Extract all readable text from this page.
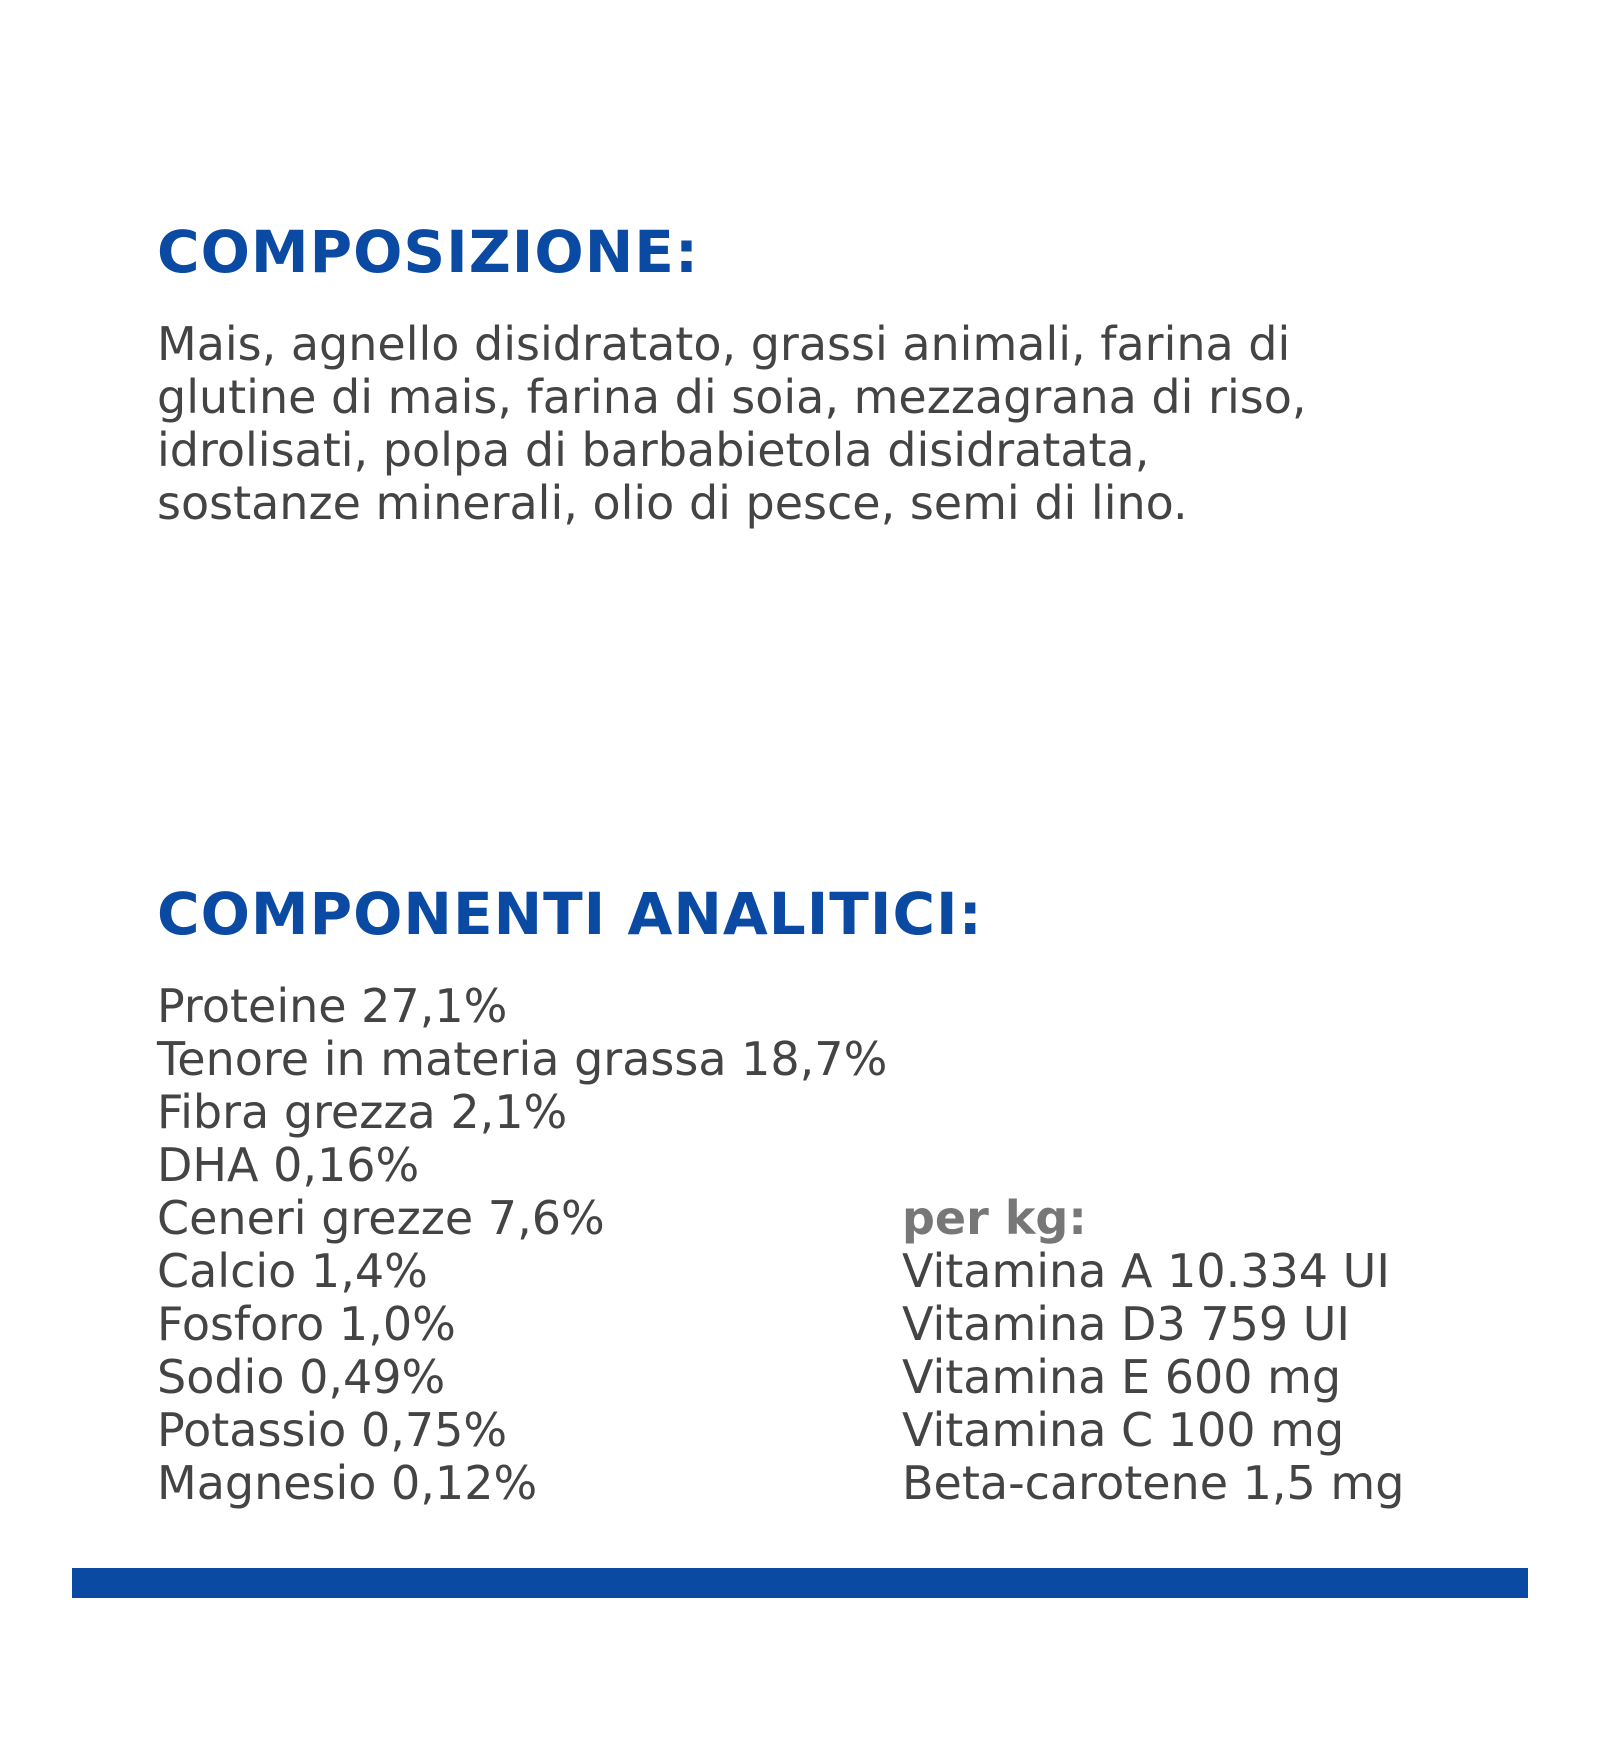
COMPOSIZIONE:

Mais, agnello disidratato, grassi animali, farina di
glutine di mais, farina di soia, mezzagrana di riso,
idrolisati, polpa di barbabietola disidratata,
sostanze minerali, olio di pesce, semi di lino.

COMPONENTI ANALITICI:
Proteine 27,1%
Tenore in materia grassa 18,7%
Fibra grezza 2,1%
DHA 0,16%
Ceneri grezze 7,6%
Calcio 1,4%
Fosforo 1,0%
Sodio 0,49%
Potassio 0,75%
Magnesio 0,12%
per kg:
Vitamina A 10.334 UI
Vitamina D3 759 UI
Vitamina E 600 mg
Vitamina C 100 mg
Beta-carotene 1,5 mg
